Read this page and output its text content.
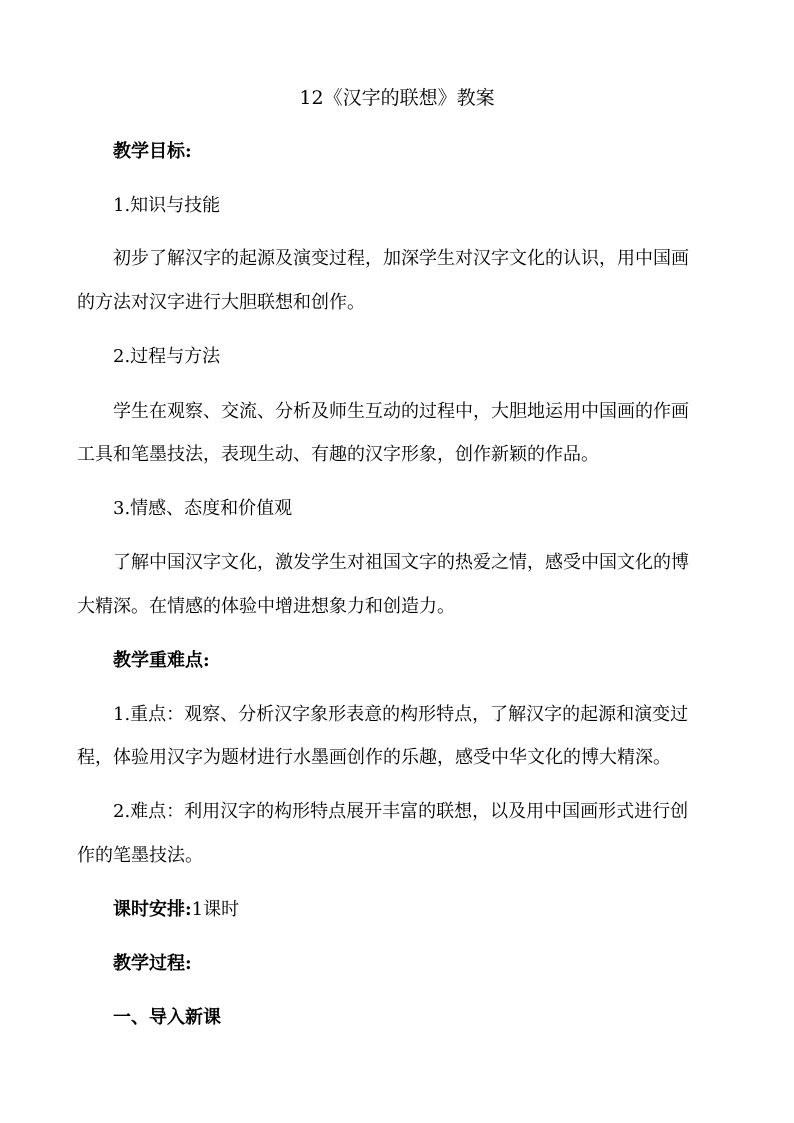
12《汉字的联想》教案
教学目标:
1.知识与技能
初步了解汉字的起源及演变过程，加深学生对汉字文化的认识，用中国画
的方法对汉字进行大胆联想和创作。
2.过程与方法
学生在观察、交流、分析及师生互动的过程中，大胆地运用中国画的作画
工具和笔墨技法，表现生动、有趣的汉字形象，创作新颖的作品。
3.情感、态度和价值观
了解中国汉字文化，激发学生对祖国文字的热爱之情，感受中国文化的博
大精深。在情感的体验中增进想象力和创造力。
教学重难点:
1.重点：观察、分析汉字象形表意的构形特点，了解汉字的起源和演变过
程，体验用汉字为题材进行水墨画创作的乐趣，感受中华文化的博大精深。
2.难点：利用汉字的构形特点展开丰富的联想，以及用中国画形式进行创
作的笔墨技法。
课时安排:1课时
教学过程:
一、导入新课
